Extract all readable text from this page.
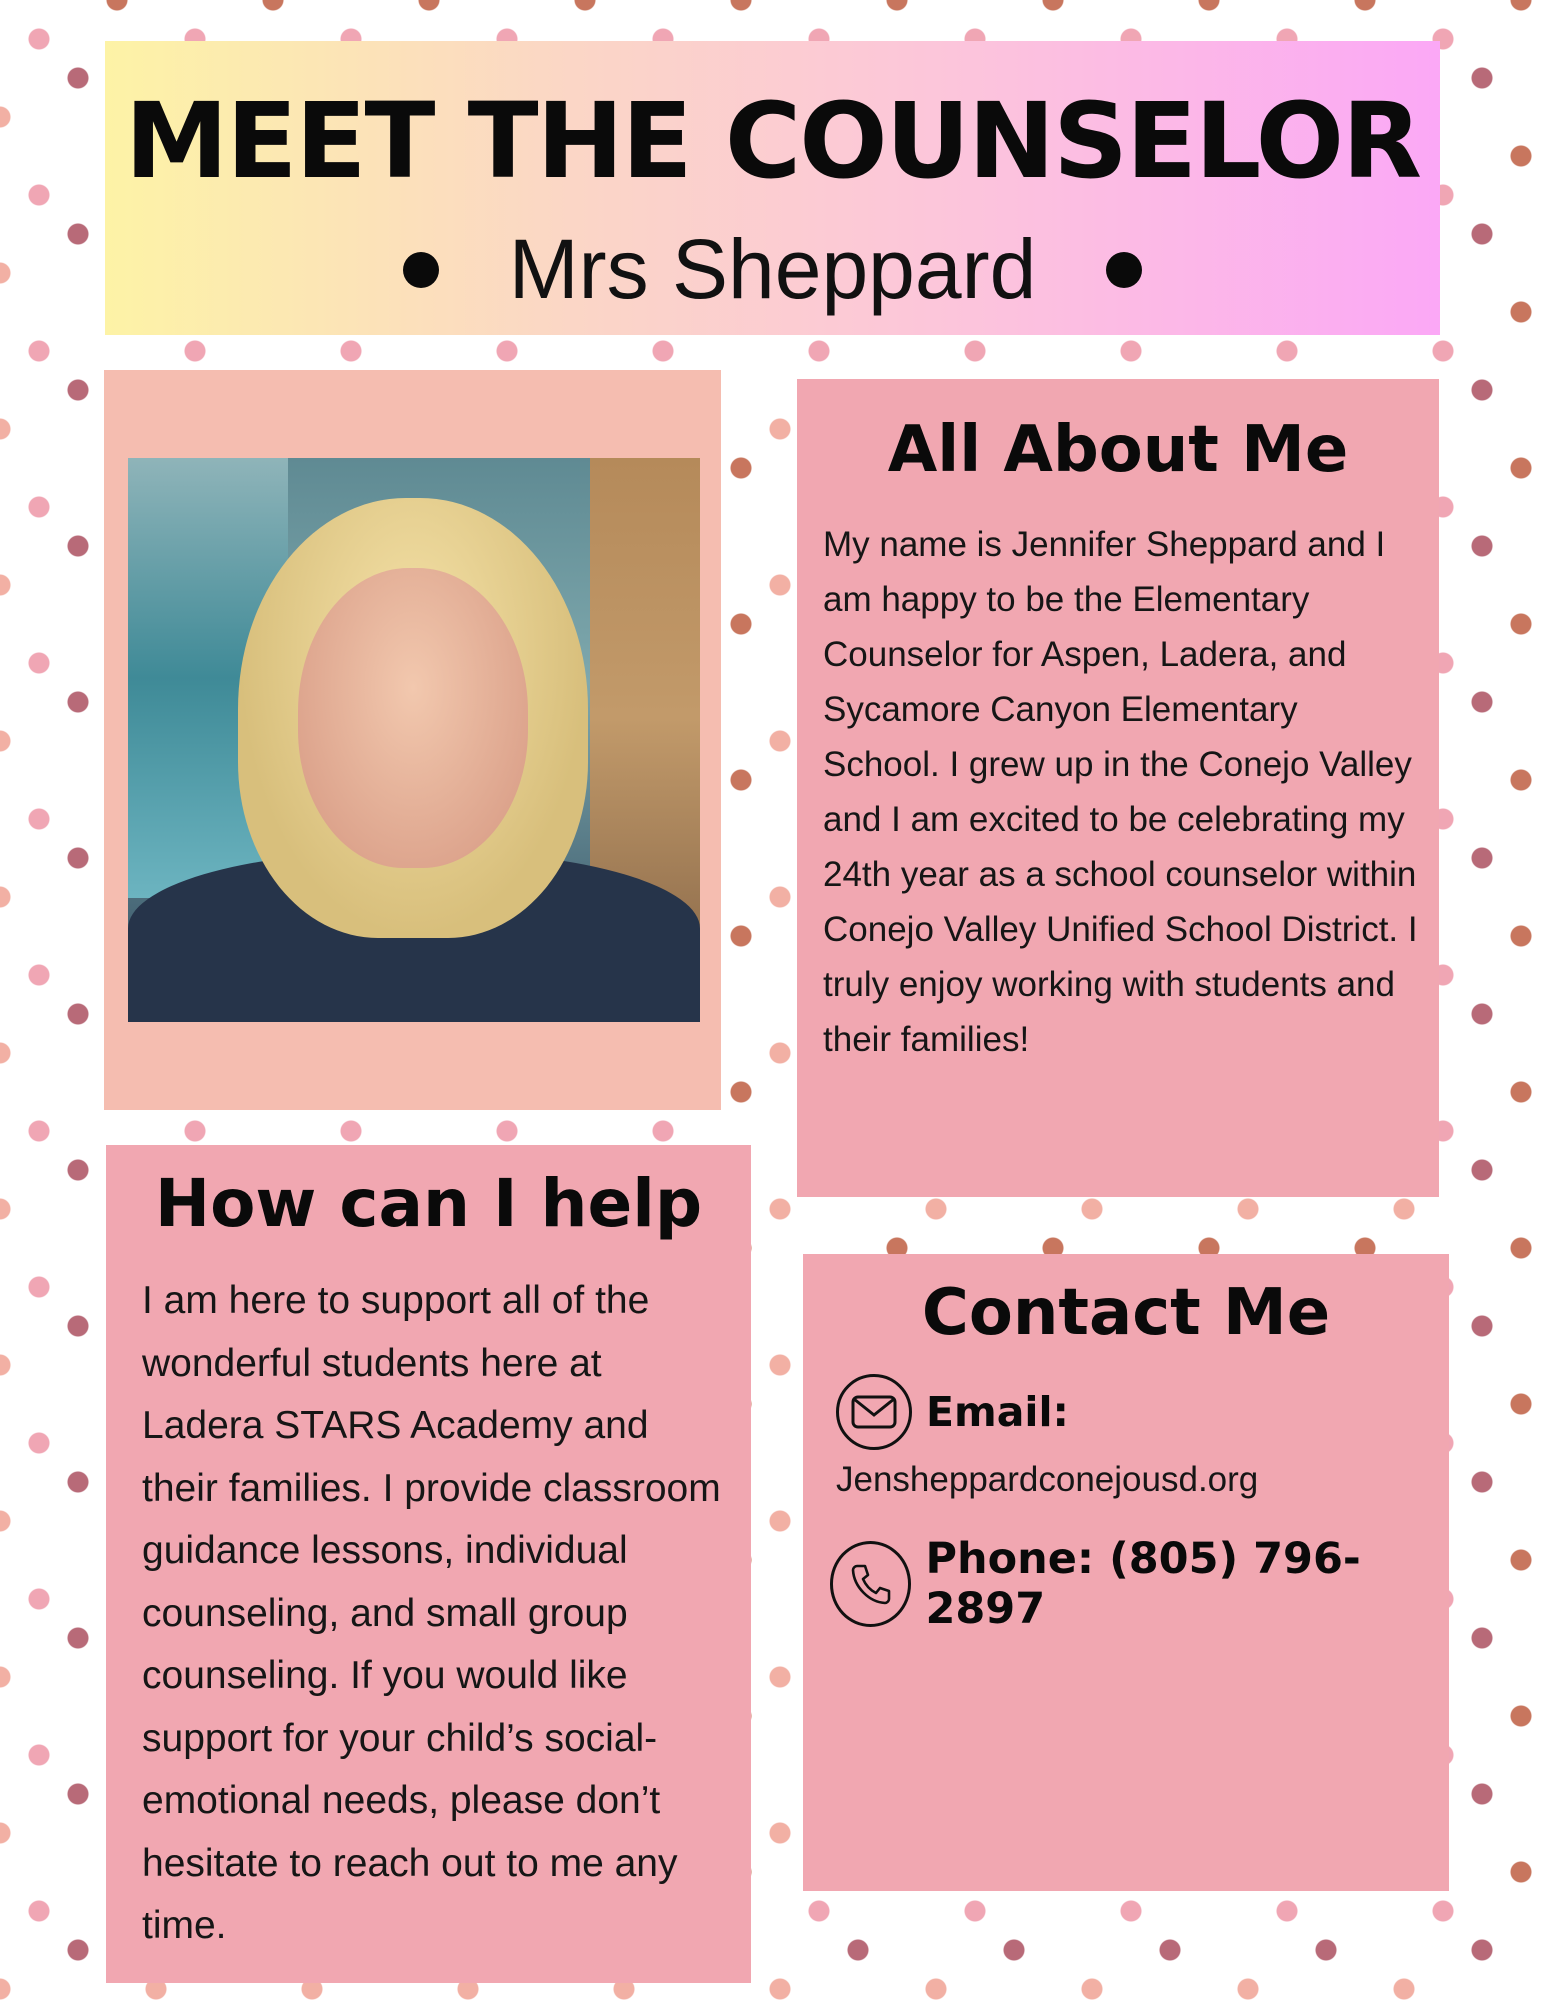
MEET THE COUNSELOR
Mrs Sheppard
All About Me

My name is Jennifer Sheppard and I am happy to be the Elementary Counselor for Aspen, Ladera, and Sycamore Canyon Elementary School. I grew up in the Conejo Valley and I am excited to be celebrating my 24th year as a school counselor within Conejo Valley Unified School District. I truly enjoy working with students and their families!

How can I help

I am here to support all of the wonderful students here at Ladera STARS Academy and their families. I provide classroom guidance lessons, individual counseling, and small group counseling. If you would like support for your child’s social-emotional needs, please don’t hesitate to reach out to me any time.

Contact Me
Email:
Jensheppardconejousd.org
Phone: (805) 796-2897
